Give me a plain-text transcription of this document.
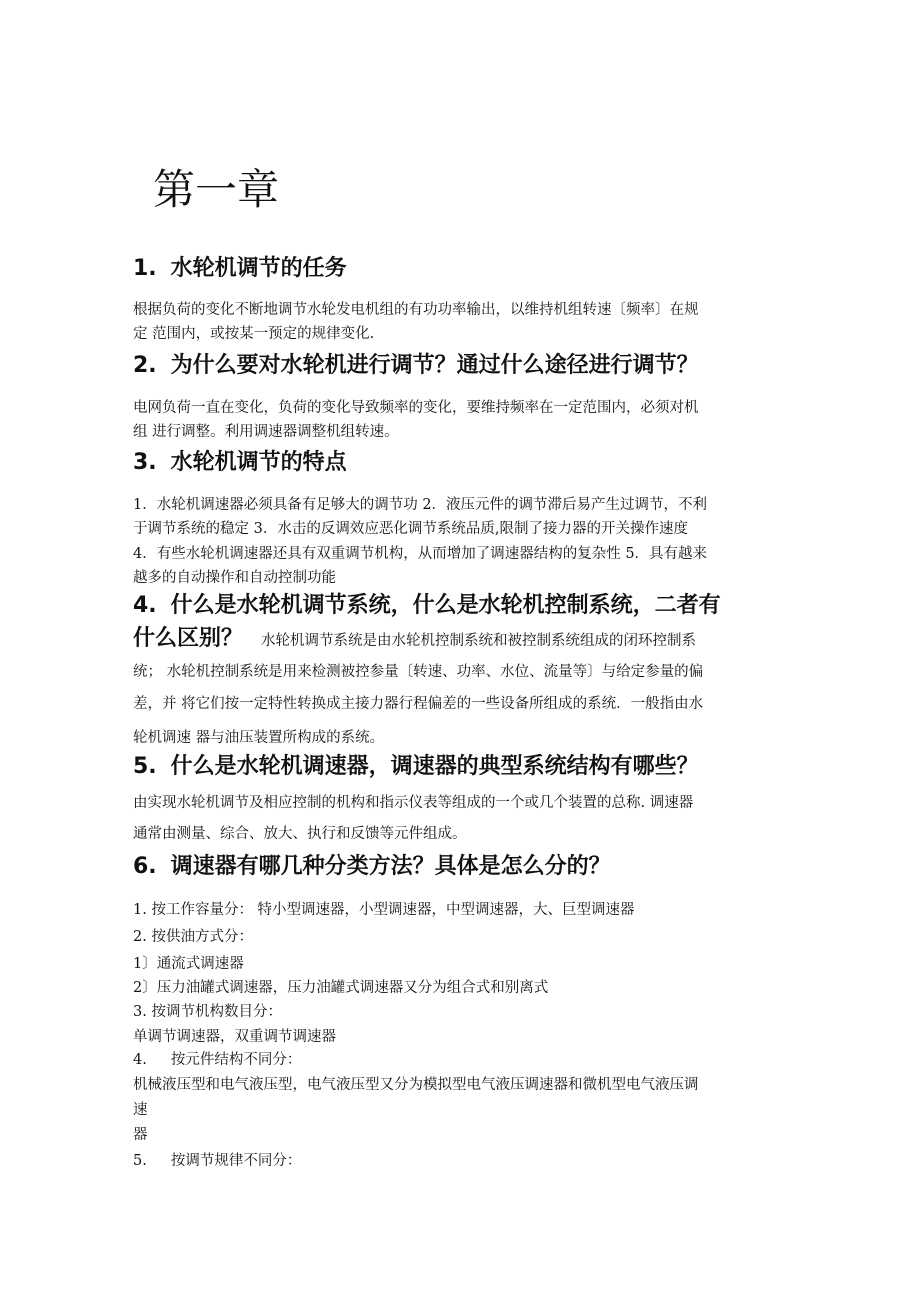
第一章
1. 水轮机调节的任务

根据负荷的变化不断地调节水轮发电机组的有功功率输出，以维持机组转速〔频率〕在规

定 范围内，或按某一预定的规律变化.

2. 为什么要对水轮机进行调节？通过什么途径进行调节？

电网负荷一直在变化，负荷的变化导致频率的变化，要维持频率在一定范围内，必须对机

组 进行调整。利用调速器调整机组转速。

3. 水轮机调节的特点

1．水轮机调速器必须具备有足够大的调节功 2．液压元件的调节滞后易产生过调节，不利

于调节系统的稳定 3．水击的反调效应恶化调节系统品质,限制了接力器的开关操作速度

4．有些水轮机调速器还具有双重调节机构，从而增加了调速器结构的复杂性 5．具有越来

越多的自动操作和自动控制功能

4. 什么是水轮机调节系统，什么是水轮机控制系统，二者有
什么区别？ 水轮机调节系统是由水轮机控制系统和被控制系统组成的闭环控制系

统； 水轮机控制系统是用来检测被控参量〔转速、功率、水位、流量等〕与给定参量的偏

差，并 将它们按一定特性转换成主接力器行程偏差的一些设备所组成的系统．一般指由水

轮机调速 器与油压装置所构成的系统。

5. 什么是水轮机调速器，调速器的典型系统结构有哪些？

由实现水轮机调节及相应控制的机构和指示仪表等组成的一个或几个装置的总称. 调速器

通常由测量、综合、放大、执行和反馈等元件组成。

6. 调速器有哪几种分类方法？具体是怎么分的？

1. 按工作容量分： 特小型调速器，小型调速器，中型调速器，大、巨型调速器

2. 按供油方式分：

1〕通流式调速器

2〕压力油罐式调速器，压力油罐式调速器又分为组合式和别离式

3. 按调节机构数目分：

单调节调速器，双重调节调速器

4. 按元件结构不同分：

机械液压型和电气液压型，电气液压型又分为模拟型电气液压调速器和微机型电气液压调

速

器

5. 按调节规律不同分：
